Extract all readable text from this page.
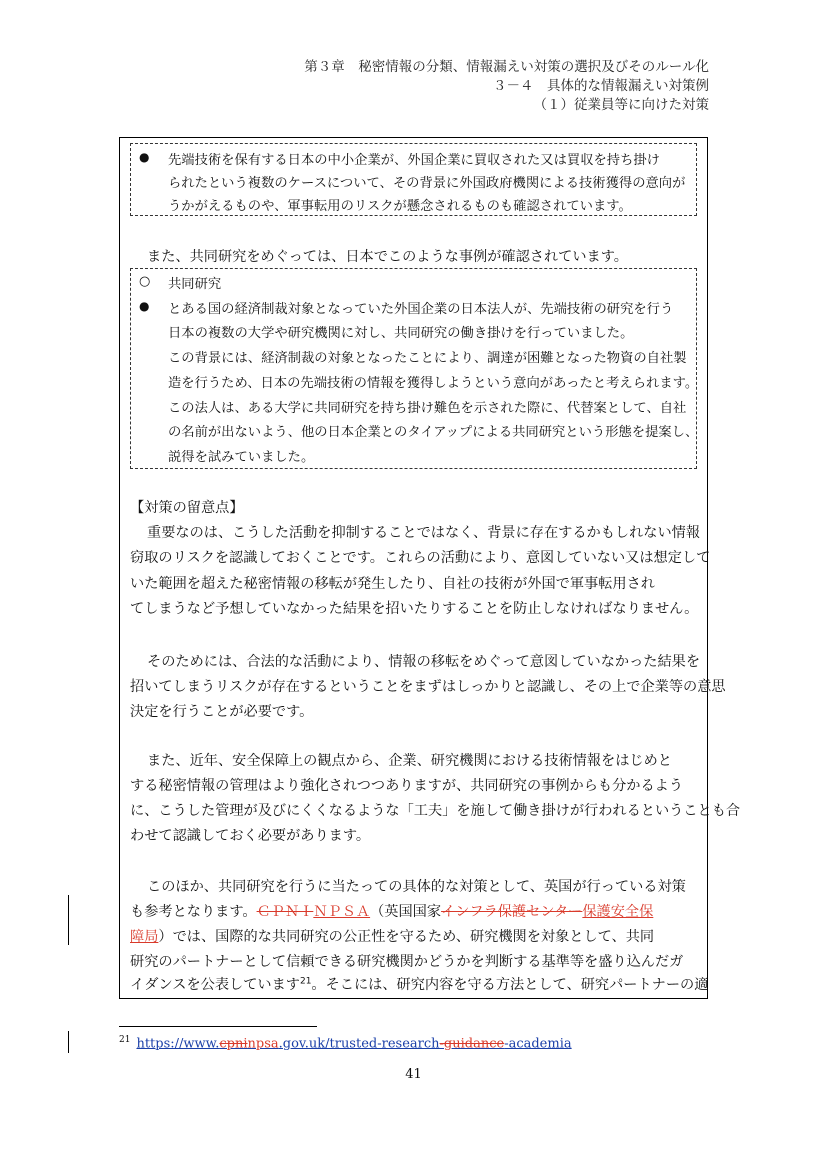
第３章　秘密情報の分類、情報漏えい対策の選択及びそのルール化
３－４　具体的な情報漏えい対策例
（１）従業員等に向けた対策
● 先端技術を保有する日本の中小企業が、外国企業に買収された又は買収を持ち掛け
られたという複数のケースについて、その背景に外国政府機関による技術獲得の意向が
うかがえるものや、軍事転用のリスクが懸念されるものも確認されています。
また、共同研究をめぐっては、日本でこのような事例が確認されています。
○ 共同研究
● とある国の経済制裁対象となっていた外国企業の日本法人が、先端技術の研究を行う
日本の複数の大学や研究機関に対し、共同研究の働き掛けを行っていました。
この背景には、経済制裁の対象となったことにより、調達が困難となった物資の自社製
造を行うため、日本の先端技術の情報を獲得しようという意向があったと考えられます。
この法人は、ある大学に共同研究を持ち掛け難色を示された際に、代替案として、自社
の名前が出ないよう、他の日本企業とのタイアップによる共同研究という形態を提案し、
説得を試みていました。
【対策の留意点】
重要なのは、こうした活動を抑制することではなく、背景に存在するかもしれない情報
窃取のリスクを認識しておくことです。これらの活動により、意図していない又は想定して
いた範囲を超えた秘密情報の移転が発生したり、自社の技術が外国で軍事転用され
てしまうなど予想していなかった結果を招いたりすることを防止しなければなりません。
そのためには、合法的な活動により、情報の移転をめぐって意図していなかった結果を
招いてしまうリスクが存在するということをまずはしっかりと認識し、その上で企業等の意思
決定を行うことが必要です。
また、近年、安全保障上の観点から、企業、研究機関における技術情報をはじめと
する秘密情報の管理はより強化されつつありますが、共同研究の事例からも分かるよう
に、こうした管理が及びにくくなるような「工夫」を施して働き掛けが行われるということも合
わせて認識しておく必要があります。
このほか、共同研究を行うに当たっての具体的な対策として、英国が行っている対策
も参考となります。ＣＰＮＩＮＰＳＡ（英国国家インフラ保護センター保護安全保
障局）では、国際的な共同研究の公正性を守るため、研究機関を対象として、共同
研究のパートナーとして信頼できる研究機関かどうかを判断する基準等を盛り込んだガ
イダンスを公表しています$^{21}$。そこには、研究内容を守る方法として、研究パートナーの適
$^{21}$ https://www.cpninpsa.gov.uk/trusted-research-guidance-academia
41
